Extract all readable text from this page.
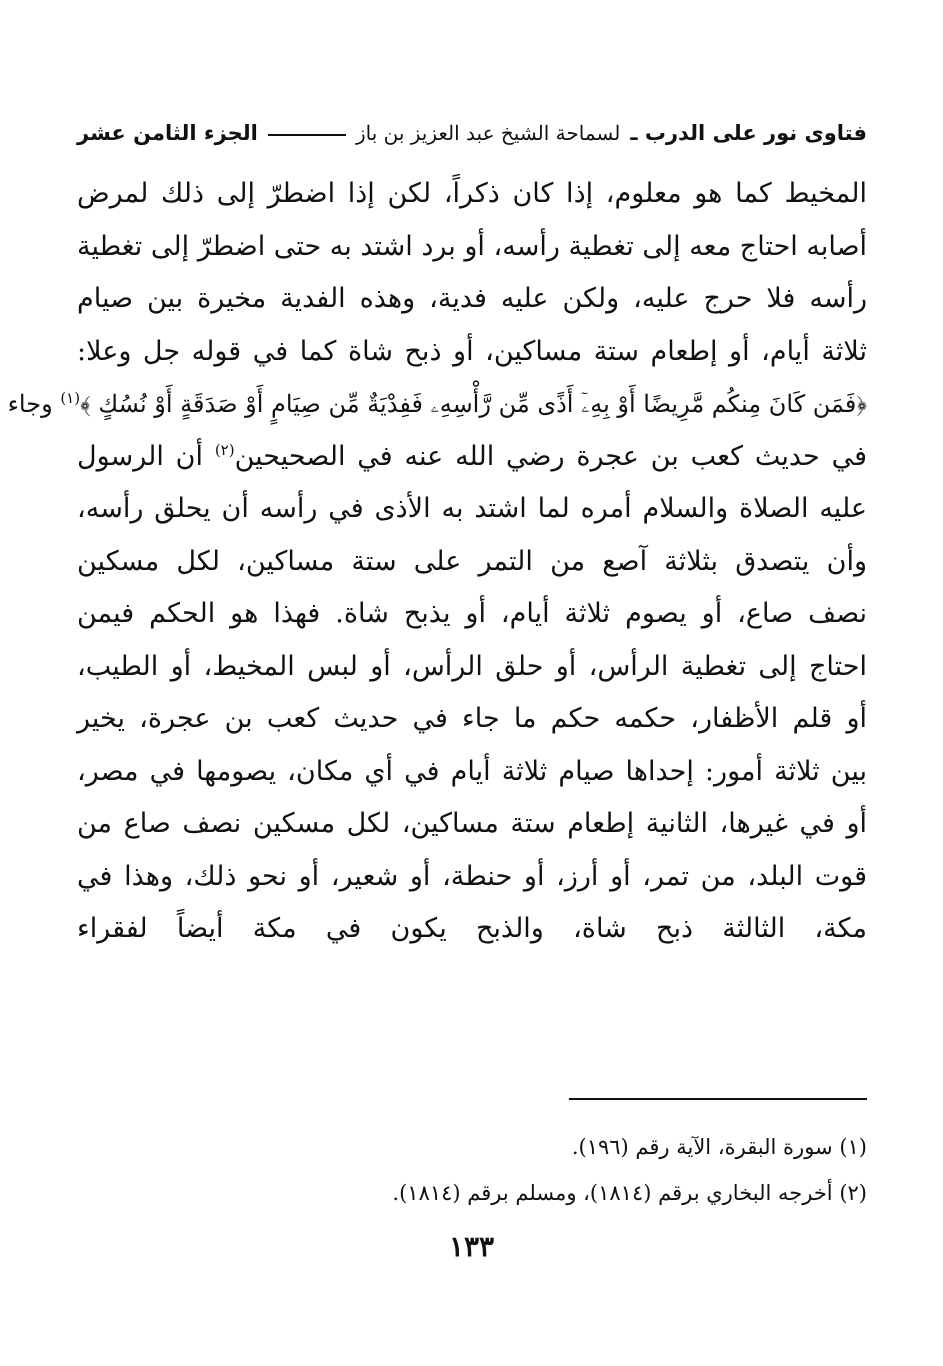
فتاوى نور على الدرب ـ
لسماحة الشيخ عبد العزيز بن باز
الجزء الثامن عشر
المخيط كما هو معلوم، إذا كان ذكراً، لكن إذا اضطرّ إلى ذلك لمرض
أصابه احتاج معه إلى تغطية رأسه، أو برد اشتد به حتى اضطرّ إلى تغطية
رأسه فلا حرج عليه، ولكن عليه فدية، وهذه الفدية مخيرة بين صيام
ثلاثة أيام، أو إطعام ستة مساكين، أو ذبح شاة كما في قوله جل وعلا:
﴿فَمَن كَانَ مِنكُم مَّرِيضًا أَوْ بِهِۦٓ أَذًى مِّن رَّأْسِهِۦ فَفِدْيَةٌ مِّن صِيَامٍ أَوْ صَدَقَةٍ أَوْ نُسُكٍ ﴾$^{(١)}$ وجاء
في حديث كعب بن عجرة رضي الله عنه في الصحيحين$^{(٢)}$ أن الرسول
عليه الصلاة والسلام أمره لما اشتد به الأذى في رأسه أن يحلق رأسه،
وأن يتصدق بثلاثة آصع من التمر على ستة مساكين، لكل مسكين
نصف صاع، أو يصوم ثلاثة أيام، أو يذبح شاة. فهذا هو الحكم فيمن
احتاج إلى تغطية الرأس، أو حلق الرأس، أو لبس المخيط، أو الطيب،
أو قلم الأظفار، حكمه حكم ما جاء في حديث كعب بن عجرة، يخير
بين ثلاثة أمور: إحداها صيام ثلاثة أيام في أي مكان، يصومها في مصر،
أو في غيرها، الثانية إطعام ستة مساكين، لكل مسكين نصف صاع من
قوت البلد، من تمر، أو أرز، أو حنطة، أو شعير، أو نحو ذلك، وهذا في
مكة، الثالثة ذبح شاة، والذبح يكون في مكة أيضاً لفقراء
(١) سورة البقرة، الآية رقم (١٩٦).
(٢) أخرجه البخاري برقم (١٨١٤)، ومسلم برقم (١٨١٤).
١٣٣
